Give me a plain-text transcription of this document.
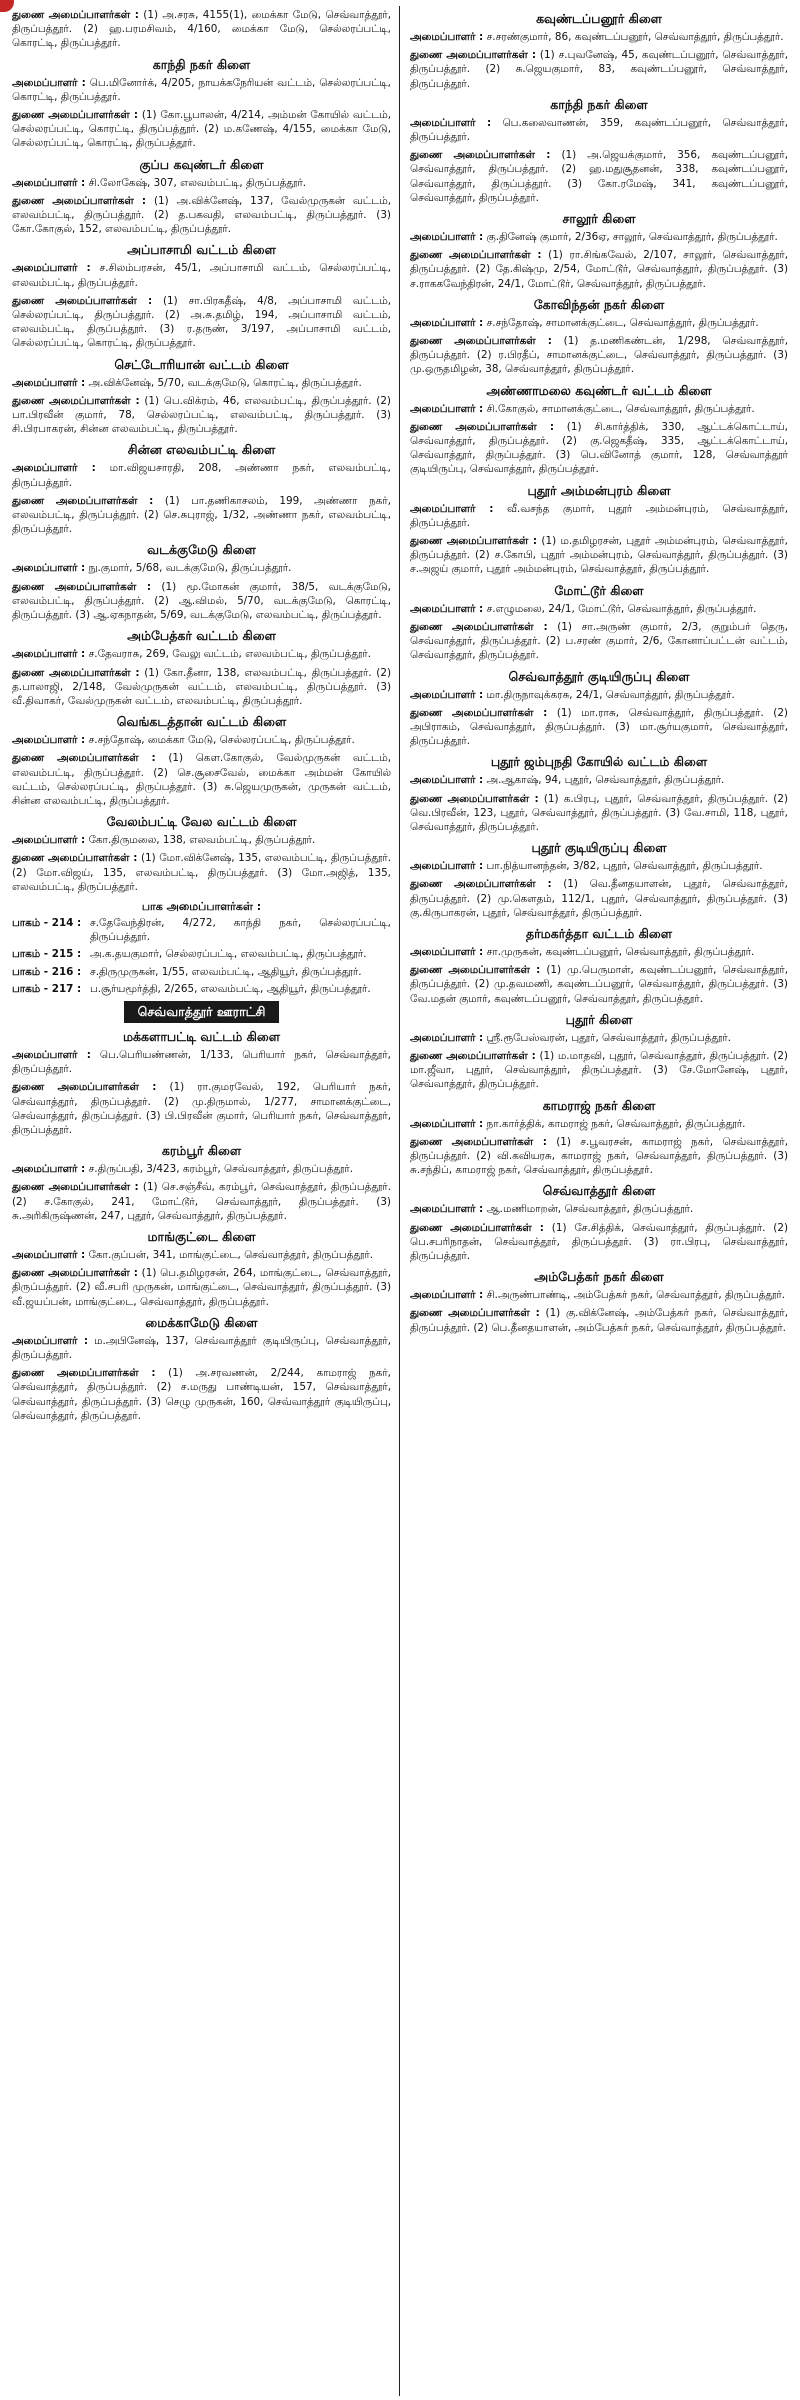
துணை அமைப்பாளர்கள் : (1) அ.சரசு, 4155(1), மைக்கா மேடு, செவ்வாத்தூர், திருப்பத்தூர். (2) ஹ.பரமசிவம், 4/160, மைக்கா மேடு, செல்லரப்பட்டி, கொரட்டி, திருப்பத்தூர்.
காந்தி நகர் கிளை
அமைப்பாளர் : பெ.மினோர்க், 4/205, நாயக்கநேரியன் வட்டம், செல்லரப்பட்டி, கொரட்டி, திருப்பத்தூர்.
துணை அமைப்பாளர்கள் : (1) கோ.பூபாலன், 4/214, அம்மன் கோயில் வட்டம், செல்லரப்பட்டி, கொரட்டி, திருப்பத்தூர். (2) ம.கணேஷ், 4/155, மைக்கா மேடு, செல்லரப்பட்டி, கொரட்டி, திருப்பத்தூர்.
குப்ப கவுண்டர் கிளை
அமைப்பாளர் : சி.லோகேஷ், 307, எலவம்பட்டி, திருப்பத்தூர்.
துணை அமைப்பாளர்கள் : (1) அ.விக்னேஷ், 137, வேல்முருகன் வட்டம், எலவம்பட்டி, திருப்பத்தூர். (2) த.பகவதி, எலவம்பட்டி, திருப்பத்தூர். (3) கோ.கோகுல், 152, எலவம்பட்டி, திருப்பத்தூர்.
அப்பாசாமி வட்டம் கிளை
அமைப்பாளர் : ச.சிலம்பரசன், 45/1, அப்பாசாமி வட்டம், செல்லரப்பட்டி, எலவம்பட்டி, திருப்பத்தூர்.
துணை அமைப்பாளர்கள் : (1) சா.பிரகதீஷ், 4/8, அப்பாசாமி வட்டம், செல்லரப்பட்டி, திருப்பத்தூர். (2) அ.சு.தமிழ், 194, அப்பாசாமி வட்டம், எலவம்பட்டி, திருப்பத்தூர். (3) ர.தருண், 3/197, அப்பாசாமி வட்டம், செல்லரப்பட்டி, கொரட்டி, திருப்பத்தூர்.
செட்டோரியான் வட்டம் கிளை
அமைப்பாளர் : அ.விக்னேஷ், 5/70, வடக்குமேடு, கொரட்டி, திருப்பத்தூர்.
துணை அமைப்பாளர்கள் : (1) பெ.விக்ரம், 46, எலவம்பட்டி, திருப்பத்தூர். (2) பா.பிரவீன் குமார், 78, செல்லரப்பட்டி, எலவம்பட்டி, திருப்பத்தூர். (3) சி.பிரபாகரன், சின்ன எலவம்பட்டி, திருப்பத்தூர்.
சின்ன எலவம்பட்டி கிளை
அமைப்பாளர் : மா.விஜயசாரதி, 208, அண்ணா நகர், எலவம்பட்டி, திருப்பத்தூர்.
துணை அமைப்பாளர்கள் : (1) பா.தணிகாசலம், 199, அண்ணா நகர், எலவம்பட்டி, திருப்பத்தூர். (2) செ.சுபுராஜ், 1/32, அண்ணா நகர், எலவம்பட்டி, திருப்பத்தூர்.
வடக்குமேடு கிளை
அமைப்பாளர் : நு.குமார், 5/68, வடக்குமேடு, திருப்பத்தூர்.
துணை அமைப்பாளர்கள் : (1) மூ.மோகன் குமார், 38/5, வடக்குமேடு, எலவம்பட்டி, திருப்பத்தூர். (2) ஆ.விமல், 5/70, வடக்குமேடு, கொரட்டி, திருப்பத்தூர். (3) ஆ.ஏகநாதன், 5/69, வடக்குமேடு, எலவம்பட்டி, திருப்பத்தூர்.
அம்பேத்கர் வட்டம் கிளை
அமைப்பாளர் : ச.தேவராசு, 269, வேலு வட்டம், எலவம்பட்டி, திருப்பத்தூர்.
துணை அமைப்பாளர்கள் : (1) கோ.தீனா, 138, எலவம்பட்டி, திருப்பத்தூர். (2) த.பாலாஜி, 2/148, வேல்முருகன் வட்டம், எலவம்பட்டி, திருப்பத்தூர். (3) வீ.திவாகர், வேல்முருகன் வட்டம், எலவம்பட்டி, திருப்பத்தூர்.
வெங்கடத்தான் வட்டம் கிளை
அமைப்பாளர் : ச.சந்தோஷ், மைக்கா மேடு, செல்லரப்பட்டி, திருப்பத்தூர்.
துணை அமைப்பாளர்கள் : (1) கௌ.கோகுல், வேல்முருகன் வட்டம், எலவம்பட்டி, திருப்பத்தூர். (2) செ.சூசைவேல், மைக்கா அம்மன் கோயில் வட்டம், செல்லரப்பட்டி, திருப்பத்தூர். (3) சு.ஜெயமுருகன், முருகன் வட்டம், சின்ன எலவம்பட்டி, திருப்பத்தூர்.
வேலம்பட்டி வேல வட்டம் கிளை
அமைப்பாளர் : கோ.திருமலை, 138, எலவம்பட்டி, திருப்பத்தூர்.
துணை அமைப்பாளர்கள் : (1) மோ.விக்னேஷ், 135, எலவம்பட்டி, திருப்பத்தூர். (2) மோ.விஜய், 135, எலவம்பட்டி, திருப்பத்தூர். (3) மோ.அஜித், 135, எலவம்பட்டி, திருப்பத்தூர்.
பாக அமைப்பாளர்கள் :
பாகம் - 214 : ச.தேவேந்திரன், 4/272, காந்தி நகர், செல்லரப்பட்டி, திருப்பத்தூர்.
பாகம் - 215 : அ.க.தயகுமார், செல்லரப்பட்டி, எலவம்பட்டி, திருப்பத்தூர்.
பாகம் - 216 : ச.திருமுருகன், 1/55, எலவம்பட்டி, ஆதியூர், திருப்பத்தூர்.
பாகம் - 217 : ப.சூர்யமூர்த்தி, 2/265, எலவம்பட்டி, ஆதியூர், திருப்பத்தூர்.
செவ்வாத்தூர் ஊராட்சி
மக்களாபட்டி வட்டம் கிளை
அமைப்பாளர் : பெ.பெரியண்ணன், 1/133, பெரியார் நகர், செவ்வாத்தூர், திருப்பத்தூர்.
துணை அமைப்பாளர்கள் : (1) ரா.குமரவேல், 192, பெரியார் நகர், செவ்வாத்தூர், திருப்பத்தூர். (2) மு.திருமால், 1/277, சாமானக்குட்டை, செவ்வாத்தூர், திருப்பத்தூர். (3) பி.பிரவீன் குமார், பெரியார் நகர், செவ்வாத்தூர், திருப்பத்தூர்.
கரம்பூர் கிளை
அமைப்பாளர் : ச.திருப்பதி, 3/423, கரம்பூர், செவ்வாத்தூர், திருப்பத்தூர்.
துணை அமைப்பாளர்கள் : (1) செ.சஞ்சீவ், கரம்பூர், செவ்வாத்தூர், திருப்பத்தூர். (2) ச.கோகுல், 241, மோட்டூர், செவ்வாத்தூர், திருப்பத்தூர். (3) சு.அரிகிருஷ்ணன், 247, புதூர், செவ்வாத்தூர், திருப்பத்தூர்.
மாங்குட்டை கிளை
அமைப்பாளர் : கோ.குப்பன், 341, மாங்குட்டை, செவ்வாத்தூர், திருப்பத்தூர்.
துணை அமைப்பாளர்கள் : (1) பெ.தமிழரசன், 264, மாங்குட்டை, செவ்வாத்தூர், திருப்பத்தூர். (2) வீ.சபரி முருகன், மாங்குட்டை, செவ்வாத்தூர், திருப்பத்தூர். (3) வீ.ஜயப்பன், மாங்குட்டை, செவ்வாத்தூர், திருப்பத்தூர்.
மைக்காமேடு கிளை
அமைப்பாளர் : ம.அபினேஷ், 137, செவ்வாத்தூர் குடியிருப்பு, செவ்வாத்தூர், திருப்பத்தூர்.
துணை அமைப்பாளர்கள் : (1) அ.சரவணன், 2/244, காமராஜ் நகர், செவ்வாத்தூர், திருப்பத்தூர். (2) ச.மருது பாண்டியன், 157, செவ்வாத்தூர், செவ்வாத்தூர், திருப்பத்தூர். (3) செழு முருகன், 160, செவ்வாத்தூர் குடியிருப்பு, செவ்வாத்தூர், திருப்பத்தூர்.
கவுண்டப்பனூர் கிளை
அமைப்பாளர் : ச.சரண்குமார், 86, கவுண்டப்பனூர், செவ்வாத்தூர், திருப்பத்தூர்.
துணை அமைப்பாளர்கள் : (1) ச.புவனேஷ், 45, கவுண்டப்பனூர், செவ்வாத்தூர், திருப்பத்தூர். (2) சு.ஜெயகுமார், 83, கவுண்டப்பனூர், செவ்வாத்தூர், திருப்பத்தூர்.
காந்தி நகர் கிளை
அமைப்பாளர் : பெ.கலைவாணன், 359, கவுண்டப்பனூர், செவ்வாத்தூர், திருப்பத்தூர்.
துணை அமைப்பாளர்கள் : (1) அ.ஜெயக்குமார், 356, கவுண்டப்பனூர், செவ்வாத்தூர், திருப்பத்தூர். (2) ஹ.மதுசூதனன், 338, கவுண்டப்பனூர், செவ்வாத்தூர், திருப்பத்தூர். (3) கோ.ரமேஷ், 341, கவுண்டப்பனூர், செவ்வாத்தூர், திருப்பத்தூர்.
சாலூர் கிளை
அமைப்பாளர் : கு.தினேஷ் குமார், 2/36ஏ, சாலூர், செவ்வாத்தூர், திருப்பத்தூர்.
துணை அமைப்பாளர்கள் : (1) ரா.சிங்கவேல், 2/107, சாலூர், செவ்வாத்தூர், திருப்பத்தூர். (2) தே.கிஷ்மு, 2/54, மோட்டூர், செவ்வாத்தூர், திருப்பத்தூர். (3) ச.ராககவேந்திரன், 24/1, மோட்டூர், செவ்வாத்தூர், திருப்பத்தூர்.
கோவிந்தன் நகர் கிளை
அமைப்பாளர் : ச.சந்தோஷ், சாமானக்குட்டை, செவ்வாத்தூர், திருப்பத்தூர்.
துணை அமைப்பாளர்கள் : (1) த.மணிகண்டன், 1/298, செவ்வாத்தூர், திருப்பத்தூர். (2) ர.பிரதீப், சாமானக்குட்டை, செவ்வாத்தூர், திருப்பத்தூர். (3) மு.ஒருதமிழன், 38, செவ்வாத்தூர், திருப்பத்தூர்.
அண்ணாமலை கவுண்டர் வட்டம் கிளை
அமைப்பாளர் : சி.கோகுல், சாமானக்குட்டை, செவ்வாத்தூர், திருப்பத்தூர்.
துணை அமைப்பாளர்கள் : (1) சி.கார்த்திக், 330, ஆட்டக்கொட்டாய், செவ்வாத்தூர், திருப்பத்தூர். (2) கு.ஜெகதீஷ், 335, ஆட்டக்கொட்டாய், செவ்வாத்தூர், திருப்பத்தூர். (3) பெ.வினோத் குமார், 128, செவ்வாத்தூர் குடியிருப்பு, செவ்வாத்தூர், திருப்பத்தூர்.
புதூர் அம்மன்புரம் கிளை
அமைப்பாளர் : வீ.வசந்த குமார், புதூர் அம்மன்புரம், செவ்வாத்தூர், திருப்பத்தூர்.
துணை அமைப்பாளர்கள் : (1) ம.தமிழரசன், புதூர் அம்மன்புரம், செவ்வாத்தூர், திருப்பத்தூர். (2) ச.கோபி, புதூர் அம்மன்புரம், செவ்வாத்தூர், திருப்பத்தூர். (3) ச.அஜய் குமார், புதூர் அம்மன்புரம், செவ்வாத்தூர், திருப்பத்தூர்.
மோட்டூர் கிளை
அமைப்பாளர் : ச.எழுமலை, 24/1, மோட்டூர், செவ்வாத்தூர், திருப்பத்தூர்.
துணை அமைப்பாளர்கள் : (1) சா.அருண் குமார், 2/3, குறும்பர் தெரு, செவ்வாத்தூர், திருப்பத்தூர். (2) ப.சரண் குமார், 2/6, கோனாப்பட்டன் வட்டம், செவ்வாத்தூர், திருப்பத்தூர்.
செவ்வாத்தூர் குடியிருப்பு கிளை
அமைப்பாளர் : மா.திருநாவுக்கரசு, 24/1, செவ்வாத்தூர், திருப்பத்தூர்.
துணை அமைப்பாளர்கள் : (1) மா.ராசு, செவ்வாத்தூர், திருப்பத்தூர். (2) அபிராகம், செவ்வாத்தூர், திருப்பத்தூர். (3) மா.சூர்யகுமார், செவ்வாத்தூர், திருப்பத்தூர்.
புதூர் ஜம்புநதி கோயில் வட்டம் கிளை
அமைப்பாளர் : அ.ஆகாஷ், 94, புதூர், செவ்வாத்தூர், திருப்பத்தூர்.
துணை அமைப்பாளர்கள் : (1) க.பிரபு, புதூர், செவ்வாத்தூர், திருப்பத்தூர். (2) வெ.பிரவீன், 123, புதூர், செவ்வாத்தூர், திருப்பத்தூர். (3) வே.சாமி, 118, புதூர், செவ்வாத்தூர், திருப்பத்தூர்.
புதூர் குடியிருப்பு கிளை
அமைப்பாளர் : பா.நித்யானந்தன், 3/82, புதூர், செவ்வாத்தூர், திருப்பத்தூர்.
துணை அமைப்பாளர்கள் : (1) வெ.தீனதயாளன், புதூர், செவ்வாத்தூர், திருப்பத்தூர். (2) மு.கௌதம், 112/1, புதூர், செவ்வாத்தூர், திருப்பத்தூர். (3) கு.கிருபாகரன், புதூர், செவ்வாத்தூர், திருப்பத்தூர்.
தர்மகர்த்தா வட்டம் கிளை
அமைப்பாளர் : சா.முருகன், கவுண்டப்பனூர், செவ்வாத்தூர், திருப்பத்தூர்.
துணை அமைப்பாளர்கள் : (1) மு.பெருமாள், கவுண்டப்பனூர், செவ்வாத்தூர், திருப்பத்தூர். (2) மு.தவமணி, கவுண்டப்பனூர், செவ்வாத்தூர், திருப்பத்தூர். (3) வே.மதன் குமார், கவுண்டப்பனூர், செவ்வாத்தூர், திருப்பத்தூர்.
புதூர் கிளை
அமைப்பாளர் : ஸ்ரீ.ரூபேஸ்வரன், புதூர், செவ்வாத்தூர், திருப்பத்தூர்.
துணை அமைப்பாளர்கள் : (1) ம.மாதவி, புதூர், செவ்வாத்தூர், திருப்பத்தூர். (2) மா.ஜீவா, புதூர், செவ்வாத்தூர், திருப்பத்தூர். (3) சே.மோனேஷ், புதூர், செவ்வாத்தூர், திருப்பத்தூர்.
காமராஜ் நகர் கிளை
அமைப்பாளர் : நா.கார்த்திக், காமராஜ் நகர், செவ்வாத்தூர், திருப்பத்தூர்.
துணை அமைப்பாளர்கள் : (1) ச.பூவரசன், காமராஜ் நகர், செவ்வாத்தூர், திருப்பத்தூர். (2) வி.கவியரசு, காமராஜ் நகர், செவ்வாத்தூர், திருப்பத்தூர். (3) சு.சந்திப், காமராஜ் நகர், செவ்வாத்தூர், திருப்பத்தூர்.
செவ்வாத்தூர் கிளை
அமைப்பாளர் : ஆ.மணிமாறன், செவ்வாத்தூர், திருப்பத்தூர்.
துணை அமைப்பாளர்கள் : (1) சே.சித்திக், செவ்வாத்தூர், திருப்பத்தூர். (2) பெ.சபரிநாதன், செவ்வாத்தூர், திருப்பத்தூர். (3) ரா.பிரபு, செவ்வாத்தூர், திருப்பத்தூர்.
அம்பேத்கர் நகர் கிளை
அமைப்பாளர் : சி.அருண்பாண்டி, அம்பேத்கர் நகர், செவ்வாத்தூர், திருப்பத்தூர்.
துணை அமைப்பாளர்கள் : (1) கு.விக்னேஷ், அம்பேத்கர் நகர், செவ்வாத்தூர், திருப்பத்தூர். (2) பெ.தீனதயாளன், அம்பேத்கர் நகர், செவ்வாத்தூர், திருப்பத்தூர்.
